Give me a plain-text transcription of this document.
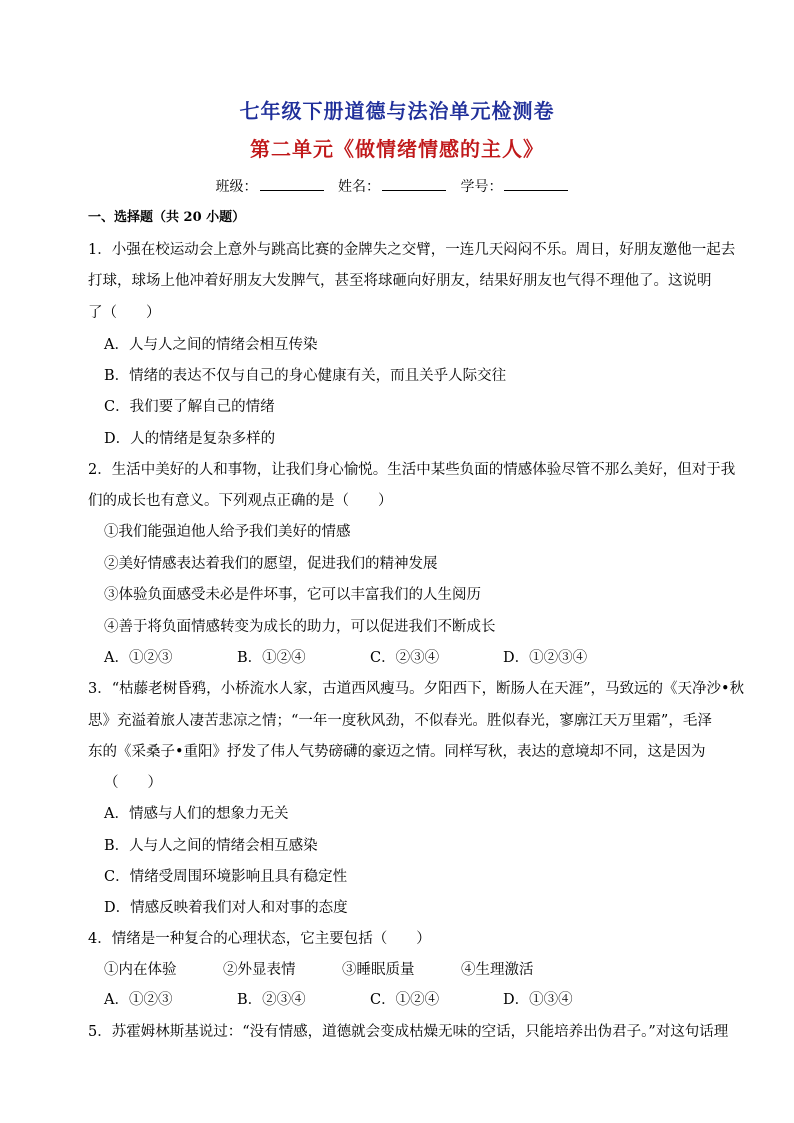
七年级下册道德与法治单元检测卷
第二单元《做情绪情感的主人》
班级：	姓名：	学号：
一、选择题（共 20 小题）
1．小强在校运动会上意外与跳高比赛的金牌失之交臂，一连几天闷闷不乐。周日，好朋友邀他一起去
打球，球场上他冲着好朋友大发脾气，甚至将球砸向好朋友，结果好朋友也气得不理他了。这说明
了（　　）
A．人与人之间的情绪会相互传染
B．情绪的表达不仅与自己的身心健康有关，而且关乎人际交往
C．我们要了解自己的情绪
D．人的情绪是复杂多样的
2．生活中美好的人和事物，让我们身心愉悦。生活中某些负面的情感体验尽管不那么美好，但对于我
们的成长也有意义。下列观点正确的是（　　）
①我们能强迫他人给予我们美好的情感
②美好情感表达着我们的愿望，促进我们的精神发展
③体验负面感受未必是件坏事，它可以丰富我们的人生阅历
④善于将负面情感转变为成长的助力，可以促进我们不断成长
A．①②③	B．①②④	C．②③④	D．①②③④
3．“枯藤老树昏鸦，小桥流水人家，古道西风瘦马。夕阳西下，断肠人在天涯”，马致远的《天净沙•秋
思》充溢着旅人凄苦悲凉之情；“一年一度秋风劲，不似春光。胜似春光，寥廓江天万里霜”，毛泽
东的《采桑子•重阳》抒发了伟人气势磅礴的豪迈之情。同样写秋，表达的意境却不同，这是因为
（　　）
A．情感与人们的想象力无关
B．人与人之间的情绪会相互感染
C．情绪受周围环境影响且具有稳定性
D．情感反映着我们对人和对事的态度
4．情绪是一种复合的心理状态，它主要包括（　　）
①内在体验	②外显表情	③睡眠质量	④生理激活
A．①②③	B．②③④	C．①②④	D．①③④
5．苏霍姆林斯基说过：“没有情感，道德就会变成枯燥无味的空话，只能培养出伪君子。”对这句话理
